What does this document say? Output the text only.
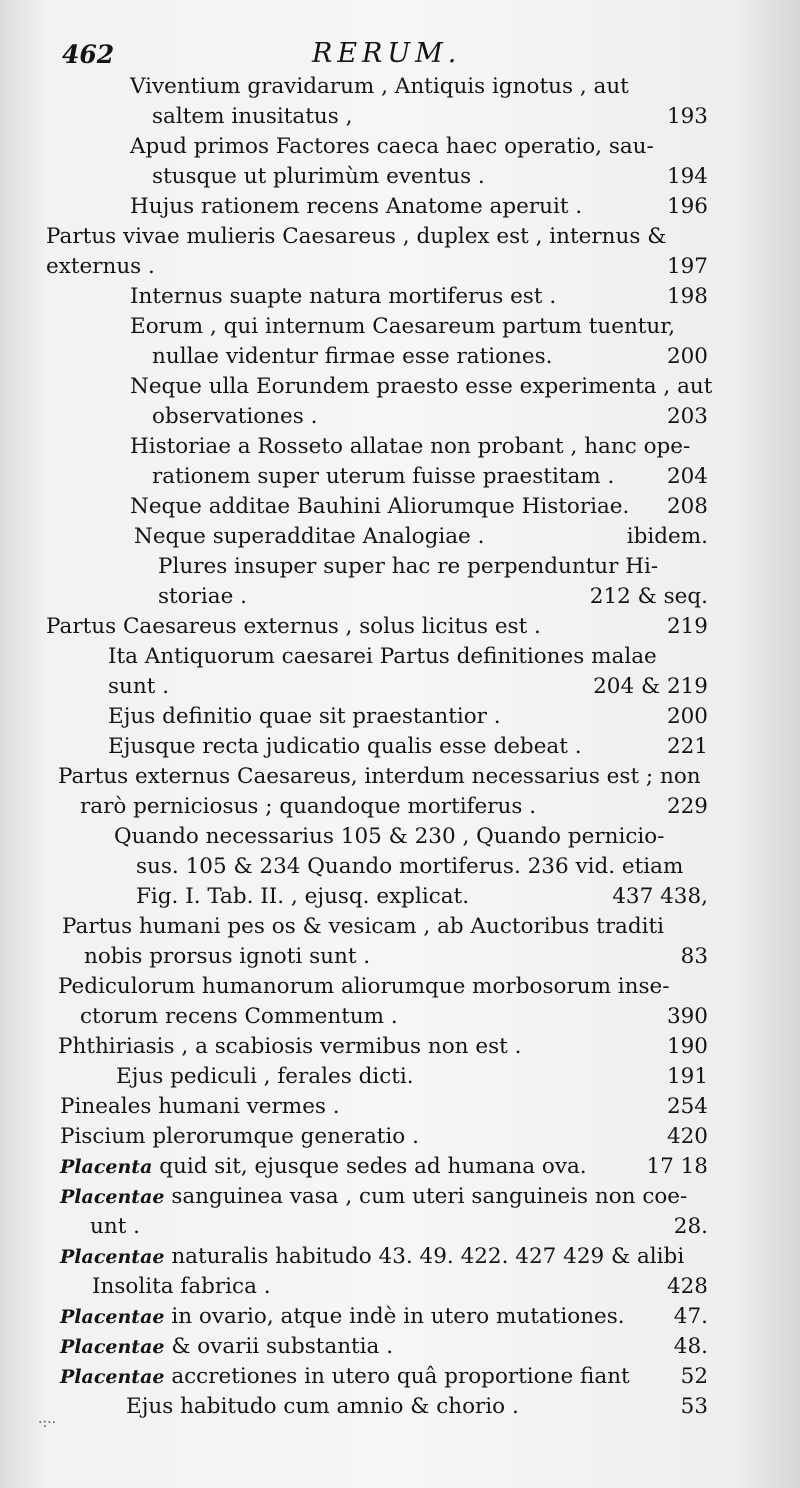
462	RERUM.
Viventium gravidarum , Antiquis ignotus , aut
saltem inusitatus ,	193
Apud primos Factores caeca haec operatio, sau-
stusque ut plurimùm eventus .	194
Hujus rationem recens Anatome aperuit .	196
Partus vivae mulieris Caesareus , duplex est , internus &
externus .	197
Internus suapte natura mortiferus est .	198
Eorum , qui internum Caesareum partum tuentur,
nullae videntur firmae esse rationes.	200
Neque ulla Eorundem praesto esse experimenta , aut
observationes .	203
Historiae a Rosseto allatae non probant , hanc ope-
rationem super uterum fuisse praestitam . 204
Neque additae Bauhini Aliorumque Historiae. 208
Neque superadditae Analogiae .	ibidem.
Plures insuper super hac re perpenduntur Hi-
storiae .	212 & seq.
Partus Caesareus externus , solus licitus est .	219
Ita Antiquorum caesarei Partus definitiones malae
sunt .	204 & 219
Ejus definitio quae sit praestantior .	200
Ejusque recta judicatio qualis esse debeat .	221
Partus externus Caesareus, interdum necessarius est ; non
rarò perniciosus ; quandoque mortiferus .	229
Quando necessarius 105 & 230 , Quando pernicio-
sus. 105 & 234 Quando mortiferus. 236 vid. etiam
Fig. I. Tab. II. , ejusq. explicat.	437 438,
Partus humani pes os & vesicam , ab Auctoribus traditi
nobis prorsus ignoti sunt .	83
Pediculorum humanorum aliorumque morbosorum inse-
ctorum recens Commentum .	390
Phthiriasis , a scabiosis vermibus non est .	190
Ejus pediculi , ferales dicti.	191
Pineales humani vermes .	254
Piscium plerorumque generatio .	420
Placenta quid sit, ejusque sedes ad humana ova.	17 18
Placentae sanguinea vasa , cum uteri sanguineis non coe-
unt .	28.
Placentae naturalis habitudo 43. 49. 422. 427 429 & alibi
Insolita fabrica .	428
Placentae in ovario, atque indè in utero mutationes. 47.
Placentae & ovarii substantia .	48.
Placentae accretiones in utero quâ proportione fiant 52
Ejus habitudo cum amnio & chorio .	53
·:··
